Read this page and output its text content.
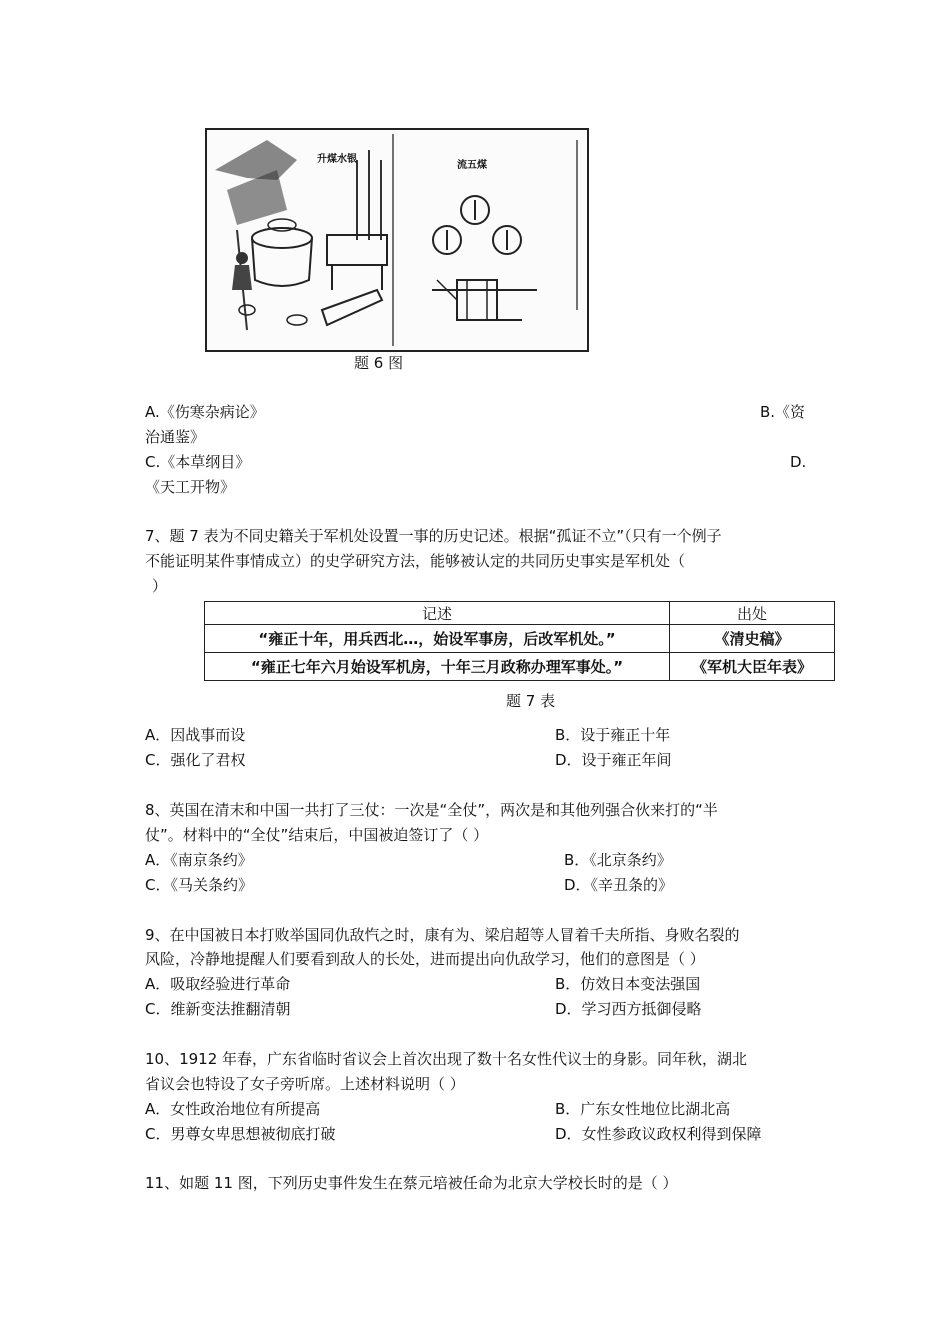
升煤水银
流五煤
题 6 图
A.《伤寒杂病论》	B.《资
治通鉴》
C.《本草纲目》	D.
《天工开物》
7、题 7 表为不同史籍关于军机处设置一事的历史记述。根据“孤证不立”（只有一个例子
不能证明某件事情成立）的史学研究方法，能够被认定的共同历史事实是军机处（
）
记述	出处
“雍正十年，用兵西北…，始设军事房，后改军机处。”	《清史稿》
“雍正七年六月始设军机房，十年三月政称办理军事处。”	《军机大臣年表》
题 7 表
A．因战事而设	B．设于雍正十年
C．强化了君权	D．设于雍正年间
8、英国在清末和中国一共打了三仗：一次是“全仗”，两次是和其他列强合伙来打的“半
仗”。材料中的“全仗”结束后，中国被迫签订了（ ）
A．《南京条约》	B．《北京条约》
C．《马关条约》	D．《辛丑条的》
9、在中国被日本打败举国同仇敌忾之时，康有为、梁启超等人冒着千夫所指、身败名裂的
风险，冷静地提醒人们要看到敌人的长处，进而提出向仇敌学习，他们的意图是（ ）
A．吸取经验进行革命	B．仿效日本变法强国
C．维新变法推翻清朝	D．学习西方抵御侵略
10、1912 年春，广东省临时省议会上首次出现了数十名女性代议士的身影。同年秋，湖北
省议会也特设了女子旁听席。上述材料说明（ ）
A．女性政治地位有所提高	B．广东女性地位比湖北高
C．男尊女卑思想被彻底打破	D．女性参政议政权利得到保障
11、如题 11 图，下列历史事件发生在蔡元培被任命为北京大学校长时的是（ ）
